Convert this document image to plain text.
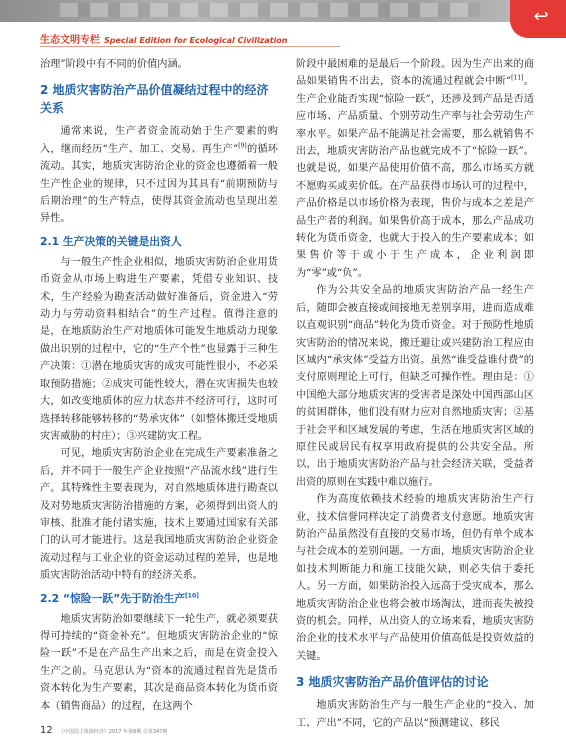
↩
生态文明专栏 Special Edition for Ecological Civilization

治理”阶段中有不同的价值内涵。

2 地质灾害防治产品价值凝结过程中的经济关系

通常来说，生产者资金流动始于生产要素的购入，继而经历“生产、加工、交易、再生产”[9]的循环流动。其实，地质灾害防治企业的资金也遵循着一般生产性企业的规律，只不过因为其具有“前期预防与后期治理”的生产特点，使得其资金流动也呈现出差异性。

2.1 生产决策的关键是出资人

与一般生产性企业相似，地质灾害防治企业用货币资金从市场上购进生产要素，凭借专业知识、技术，生产经验为勘查活动做好准备后，资金进入“劳动力与劳动资料相结合”的生产过程。值得注意的是，在地质防治生产对地质体可能发生地质动力现象做出识别的过程中，它的“生产个性”也显露于三种生产决策：①潜在地质灾害的成灾可能性很小，不必采取预防措施；②成灾可能性较大，潜在灾害损失也较大，如改变地质体的应力状态并不经济可行，这时可选择转移能够转移的“势承灾体”（如整体搬迁受地质灾害威胁的村庄）；③兴建防灾工程。

可见，地质灾害防治企业在完成生产要素准备之后，并不同于一般生产企业按照“产品流水线”进行生产。其特殊性主要表现为，对自然地质体进行勘查以及对势地质灾害防治措施的方案，必须得到出资人的审核、批准才能付诸实施，技术上要通过国家有关部门的认可才能进行。这是我国地质灾害防治企业资金流动过程与工业企业的资金运动过程的差异，也是地质灾害防治活动中特有的经济关系。

2.2 “惊险一跃”先于防治生产[10]

地质灾害防治如要继续下一轮生产，就必须要获得可持续的“资金补充”。但地质灾害防治企业的“惊险一跃”不是在产品生产出来之后，而是在资金投入生产之前。马克思认为“资本的流通过程首先是货币资本转化为生产要素，其次是商品资本转化为货币资本（销售商品）的过程，在这两个

阶段中最困难的是最后一个阶段。因为生产出来的商品如果销售不出去，资本的流通过程就会中断”[11]。生产企业能否实现“惊险一跃”，还涉及到产品是否适应市场、产品质量、个别劳动生产率与社会劳动生产率水平。如果产品不能满足社会需要，那么就销售不出去，地质灾害防治产品也就完成不了“惊险一跃”。也就是说，如果产品使用价值不高，那么市场买方就不愿购买或卖价低。在产品获得市场认可的过程中，产品价格是以市场价格为表现，售价与成本之差是产品生产者的利润。如果售价高于成本，那么产品成功转化为货币资金，也就大于投入的生产要素成本；如果售价等于或小于生产成本，企业利润即为“零”或“负”。

作为公共安全品的地质灾害防治产品一经生产后，随即会被直接或间接地无差别享用，进而造成难以直观识别“商品”转化为货币资金。对于预防性地质灾害防治的情况来说，搬迁避让或兴建防治工程应由区域内“承灾体”受益方出资。虽然“谁受益谁付费”的支付原则理论上可行，但缺乏可操作性。理由是：①中国绝大部分地质灾害的受害者是深处中国西部山区的贫困群体，他们没有财力应对自然地质灾害；②基于社会平和区域发展的考虑，生活在地质灾害区域的原住民或居民有权享用政府提供的公共安全品。所以，出于地质灾害防治产品与社会经济关联，受益者出资的原则在实践中难以施行。

作为高度依赖技术经验的地质灾害防治生产行业，技术信誉同样决定了消费者支付意愿。地质灾害防治产品虽然没有直接的交易市场，但仍有单个成本与社会成本的差别问题。一方面，地质灾害防治企业如技术判断能力和施工技能欠缺，则必失信于委托人。另一方面，如果防治投入远高于受灾成本，那么地质灾害防治企业也将会被市场淘汰，进而丧失被投资的机会。同样，从出资人的立场来看，地质灾害防治企业的技术水平与产品使用价值高低是投资效益的关键。

3 地质灾害防治产品价值评估的讨论

地质灾害防治生产与一般生产企业的“投入、加工、产出”不同，它的产品以“预测建议、移民

12 《中国国土资源经济》2017 年第8期 总第347期
